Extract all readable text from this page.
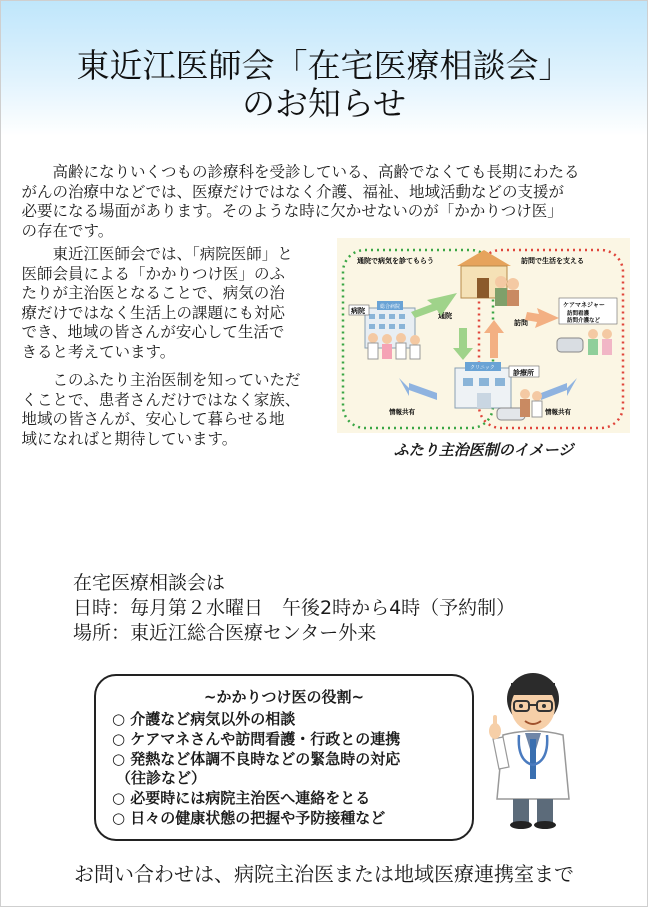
東近江医師会「在宅医療相談会」
のお知らせ

高齢になりいくつもの診療科を受診している、高齢でなくても長期にわたる
がんの治療中などでは、医療だけではなく介護、福祉、地域活動などの支援が
必要になる場面があります。そのような時に欠かせないのが「かかりつけ医」
の存在です。

東近江医師会では、「病院医師」と
医師会員による「かかりつけ医」のふ
たりが主治医となることで、病気の治
療だけではなく生活上の課題にも対応
でき、地域の皆さんが安心して生活で
きると考えています。

このふたり主治医制を知っていただ
くことで、患者さんだけではなく家族、
地域の皆さんが、安心して暮らせる地
域になればと期待しています。

通院で病気を診てもらう	訪問で生活を支える
総合病院
病院
ケアマネジャー
訪問看護
訪問介護など
通院
訪問
クリニック
診療所
情報共有	情報共有
ふたり主治医制のイメージ
在宅医療相談会は
日時：毎月第２水曜日　午後2時から4時（予約制）
場所：東近江総合医療センター外来
~かかりつけ医の役割~
○ 介護など病気以外の相談
○ ケアマネさんや訪問看護・行政との連携
○ 発熱など体調不良時などの緊急時の対応
（往診など）
○ 必要時には病院主治医へ連絡をとる
○ 日々の健康状態の把握や予防接種など
お問い合わせは、病院主治医または地域医療連携室まで
